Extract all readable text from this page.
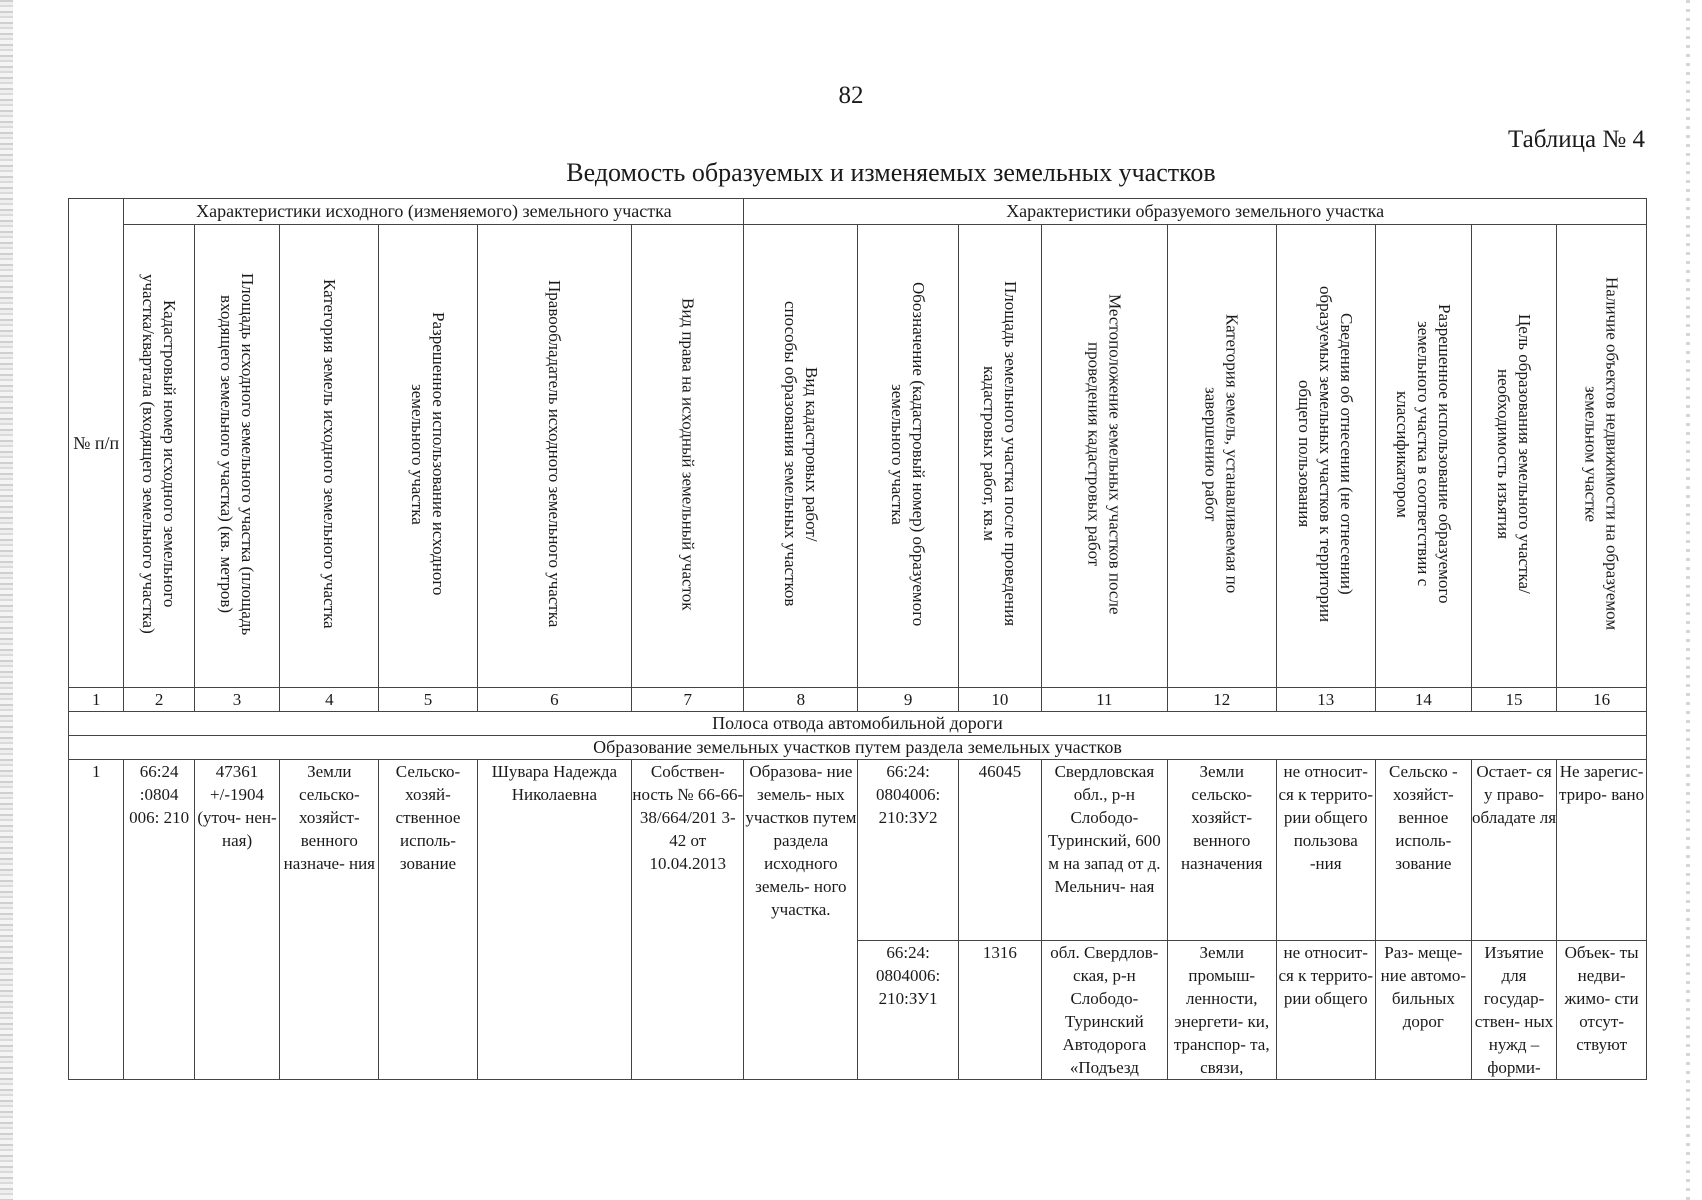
82
Таблица № 4
Ведомость образуемых и изменяемых земельных участков
№ п/п	Характеристики исходного (изменяемого) земельного участка						Характеристики образуемого земельного участка								

	Кадастровый номер исходного земельного
участка/квартала (входящего земельного участка)	Площадь исходного земельного участка (площадь
входящего земельного участка) (кв. метров)	Категория земель исходного земельного участка	Разрешенное использование исходного
земельного участка	Правообладатель исходного земельного участка	Вид права на исходный земельный участок	Вид кадастровых работ/
способы образования земельных участков	Обозначение (кадастровый номер) образуемого
земельного участка	Площадь земельного участка после проведения
кадастровых работ, кв.м	Местоположение земельных участков после
проведения кадастровых работ	Категория земель, устанавливаемая по
завершению работ	Сведения об отнесении (не отнесении)
образуемых земельных участков к территории
общего пользования	Разрешенное использование образуемого
земельного участка в соответствии с
классификатором	Цель образования земельного участка/
необходимость изъятия	Наличие объектов недвижимости на образуемом
земельном участке

1	2	3	4	5	6	7	8	9	10	11	12	13	14	15	16
Полоса отвода автомобильной дороги															
Образование земельных участков путем раздела земельных участков															

1	66:24 :0804 006: 210	47361 +/-1904 (уточ- нен- ная)	Земли сельско- хозяйст- венного назначе- ния	Сельско- хозяй- ственное исполь- зование	Шувара Надежда Николаевна	Собствен- ность № 66-66- 38/664/201 3-42 от 10.04.2013	Образова- ние земель- ных участков путем раздела исходного земель- ного участка.	66:24: 0804006: 210:ЗУ2	46045	Свердловская обл., р-н Слободо- Туринский, 600 м на запад от д. Мельнич- ная	Земли сельско- хозяйст- венного назначения	не относит- ся к террито- рии общего пользова -ния	Сельско - хозяйст- венное исполь- зование	Остает- ся у право- обладате ля	Не зарегис- триро- вано

								66:24: 0804006: 210:ЗУ1	1316	обл. Свердлов- ская, р-н Слободо- Туринский Автодорога «Подъезд	Земли промыш- ленности, энергети- ки, транспор- та, связи,	не относит- ся к террито- рии общего	Раз- меще- ние автомо- бильных дорог	Изъятие для государ- ствен- ных нужд – форми-	Объек- ты недви- жимо- сти отсут- ствуют
